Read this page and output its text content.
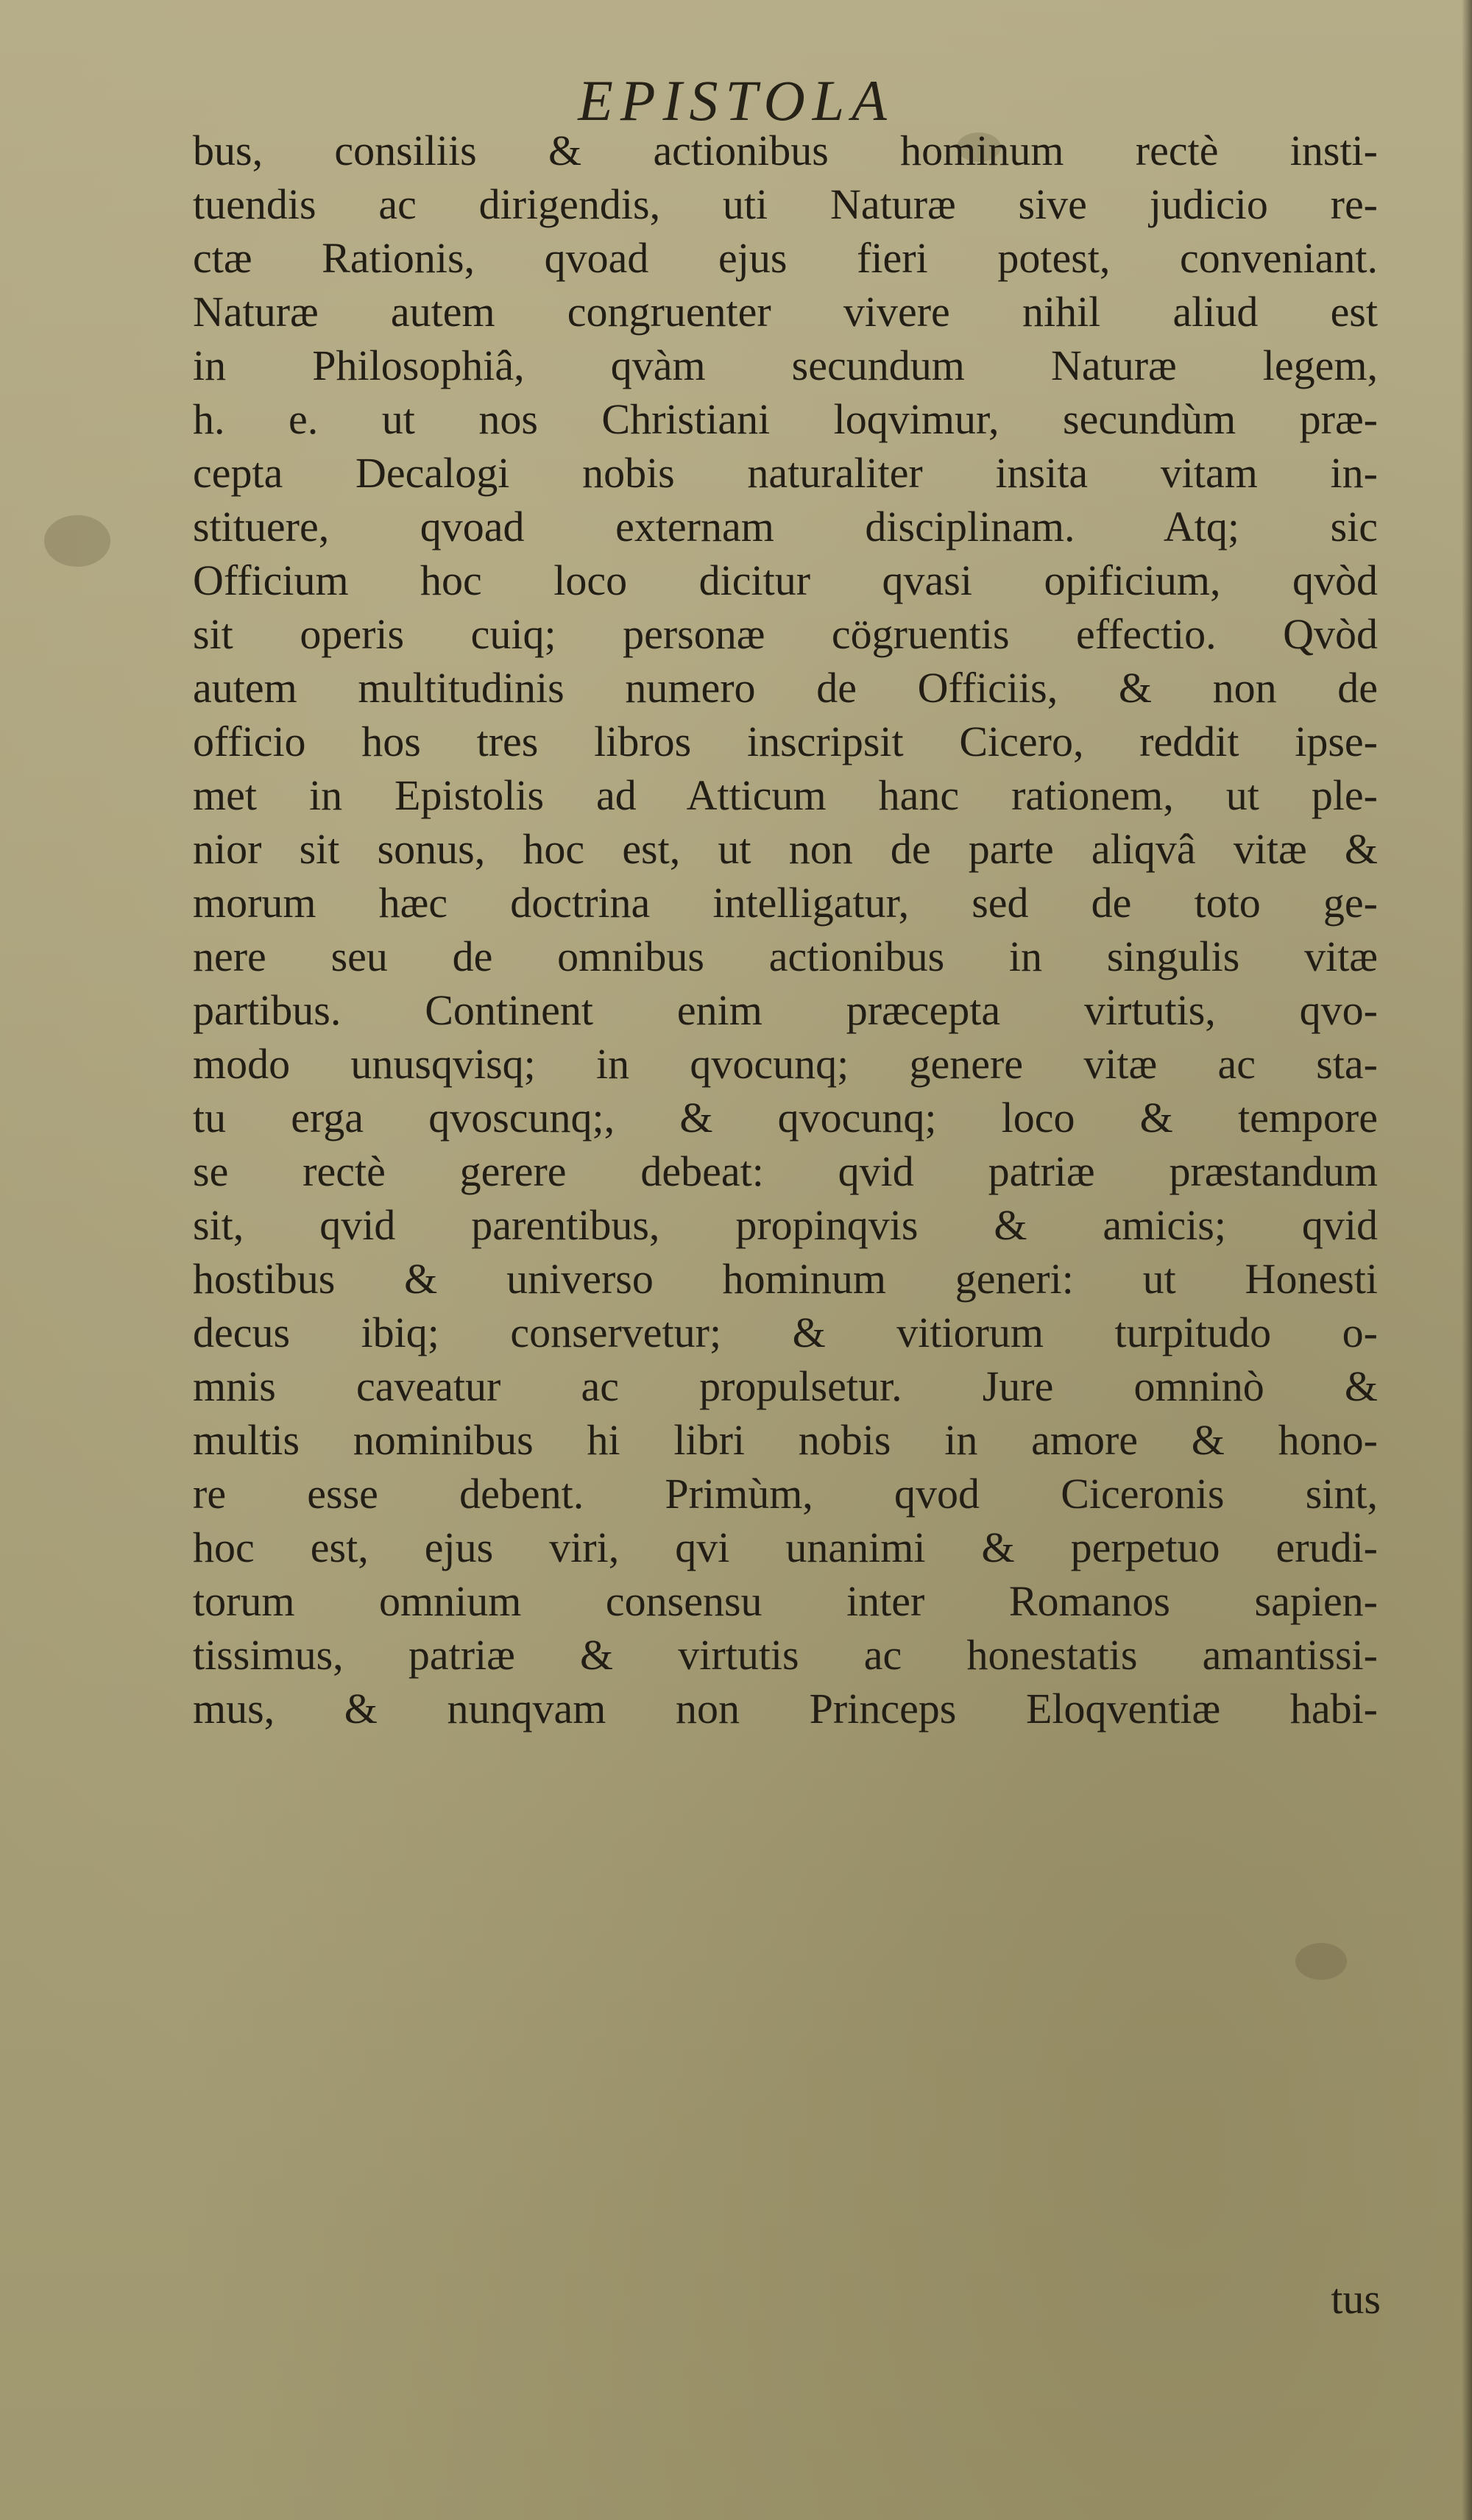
EPISTOLA
bus, consiliis & actionibus hominum rectè insti-
tuendis ac dirigendis, uti Naturæ sive judicio re-
ctæ Rationis, qvoad ejus fieri potest, conveniant.
Naturæ autem congruenter vivere nihil aliud est
in Philosophiâ, qvàm secundum Naturæ legem,
h. e. ut nos Christiani loqvimur, secundùm præ-
cepta Decalogi nobis naturaliter insita vitam in-
stituere, qvoad externam disciplinam. Atq; sic
Officium hoc loco dicitur qvasi opificium, qvòd
sit operis cuiq; personæ cögruentis effectio. Qvòd
autem multitudinis numero de Officiis, & non de
officio hos tres libros inscripsit Cicero, reddit ipse-
met in Epistolis ad Atticum hanc rationem, ut ple-
nior sit sonus, hoc est, ut non de parte aliqvâ vitæ &
morum hæc doctrina intelligatur, sed de toto ge-
nere seu de omnibus actionibus in singulis vitæ
partibus. Continent enim præcepta virtutis, qvo-
modo unusqvisq; in qvocunq; genere vitæ ac sta-
tu erga qvoscunq;, & qvocunq; loco & tempore
se rectè gerere debeat: qvid patriæ præstandum
sit, qvid parentibus, propinqvis & amicis; qvid
hostibus & universo hominum generi: ut Honesti
decus ibiq; conservetur; & vitiorum turpitudo o-
mnis caveatur ac propulsetur. Jure omninò &
multis nominibus hi libri nobis in amore & hono-
re esse debent. Primùm, qvod Ciceronis sint,
hoc est, ejus viri, qvi unanimi & perpetuo erudi-
torum omnium consensu inter Romanos sapien-
tissimus, patriæ & virtutis ac honestatis amantissi-
mus, & nunqvam non Princeps Eloqventiæ habi-
tus
